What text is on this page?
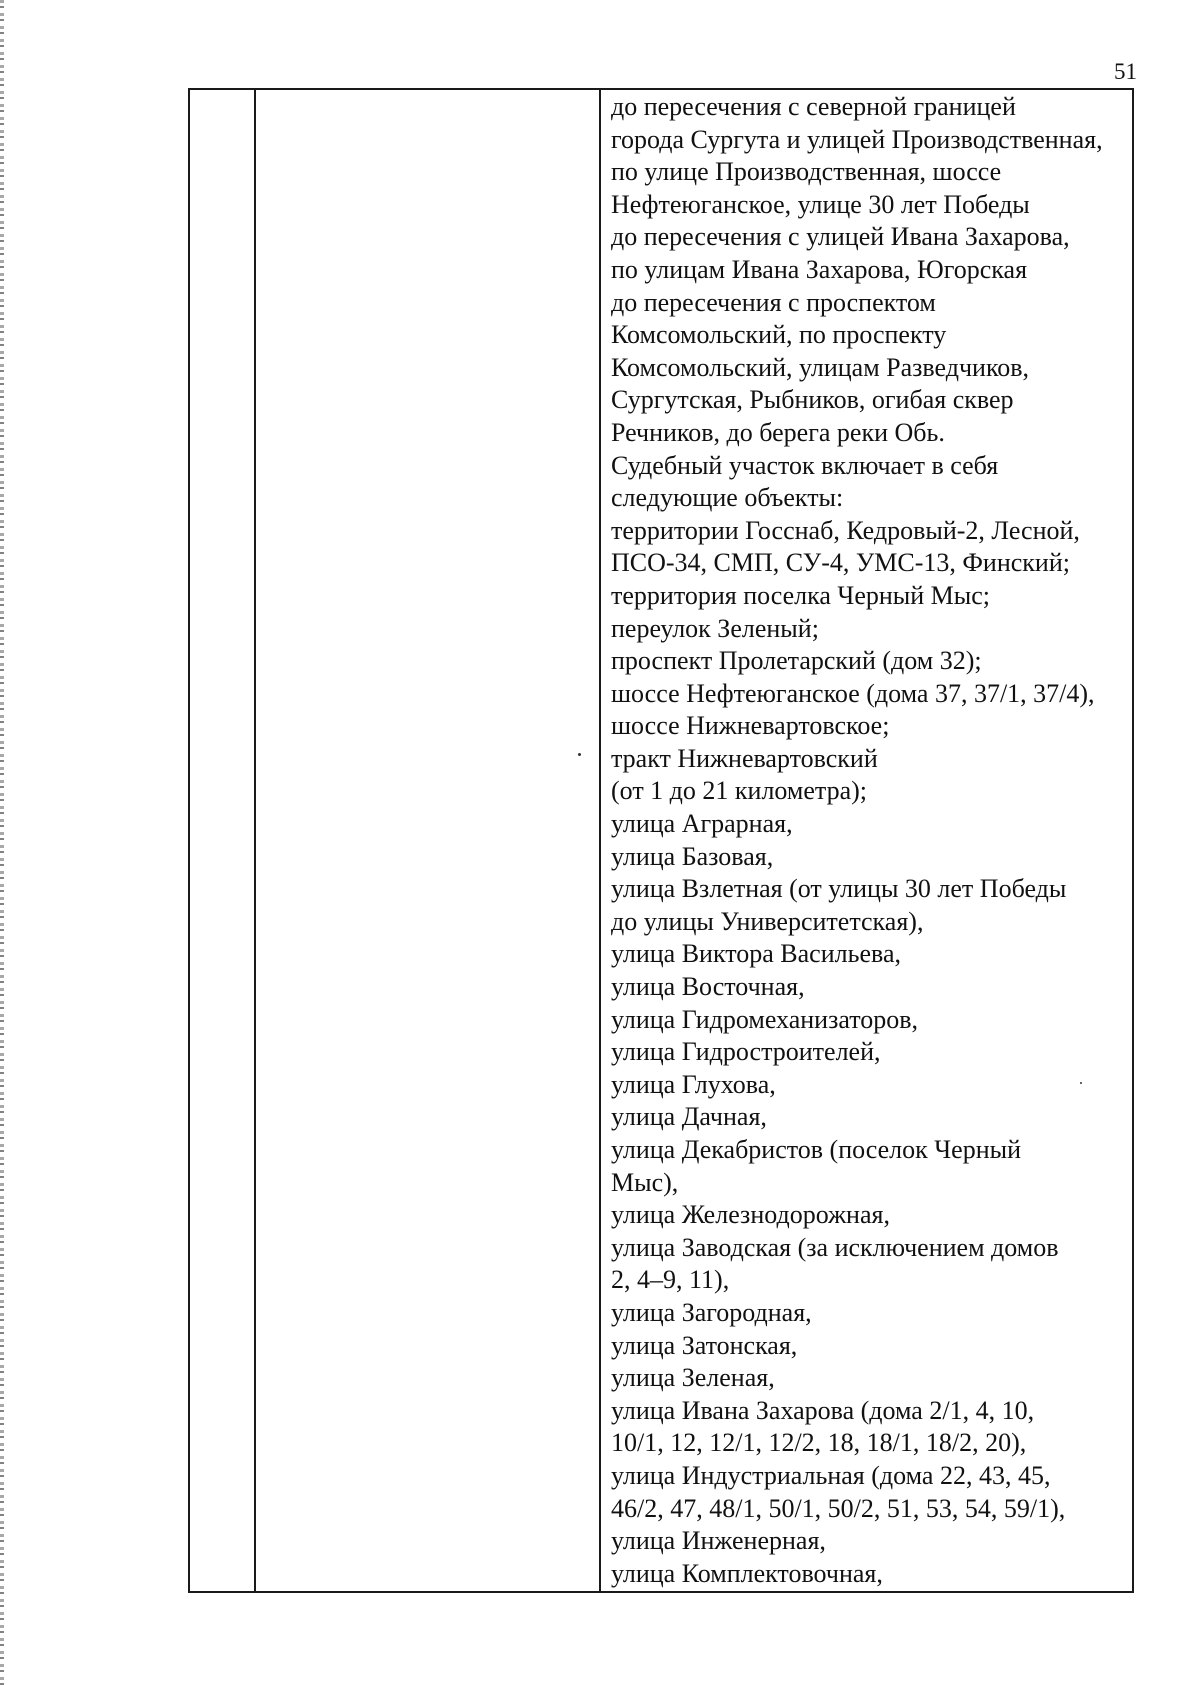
51
до пересечения с северной границей
города Сургута и улицей Производственная,
по улице Производственная, шоссе
Нефтеюганское, улице 30 лет Победы
до пересечения с улицей Ивана Захарова,
по улицам Ивана Захарова, Югорская
до пересечения с проспектом
Комсомольский, по проспекту
Комсомольский, улицам Разведчиков,
Сургутская, Рыбников, огибая сквер
Речников, до берега реки Обь.
Судебный участок включает в себя
следующие объекты:
территории Госснаб, Кедровый-2, Лесной,
ПСО-34, СМП, СУ-4, УМС-13, Финский;
территория поселка Черный Мыс;
переулок Зеленый;
проспект Пролетарский (дом 32);
шоссе Нефтеюганское (дома 37, 37/1, 37/4),
шоссе Нижневартовское;
тракт Нижневартовский
(от 1 до 21 километра);
улица Аграрная,
улица Базовая,
улица Взлетная (от улицы 30 лет Победы
до улицы Университетская),
улица Виктора Васильева,
улица Восточная,
улица Гидромеханизаторов,
улица Гидростроителей,
улица Глухова,
улица Дачная,
улица Декабристов (поселок Черный
Мыс),
улица Железнодорожная,
улица Заводская (за исключением домов
2, 4–9, 11),
улица Загородная,
улица Затонская,
улица Зеленая,
улица Ивана Захарова (дома 2/1, 4, 10,
10/1, 12, 12/1, 12/2, 18, 18/1, 18/2, 20),
улица Индустриальная (дома 22, 43, 45,
46/2, 47, 48/1, 50/1, 50/2, 51, 53, 54, 59/1),
улица Инженерная,
улица Комплектовочная,
